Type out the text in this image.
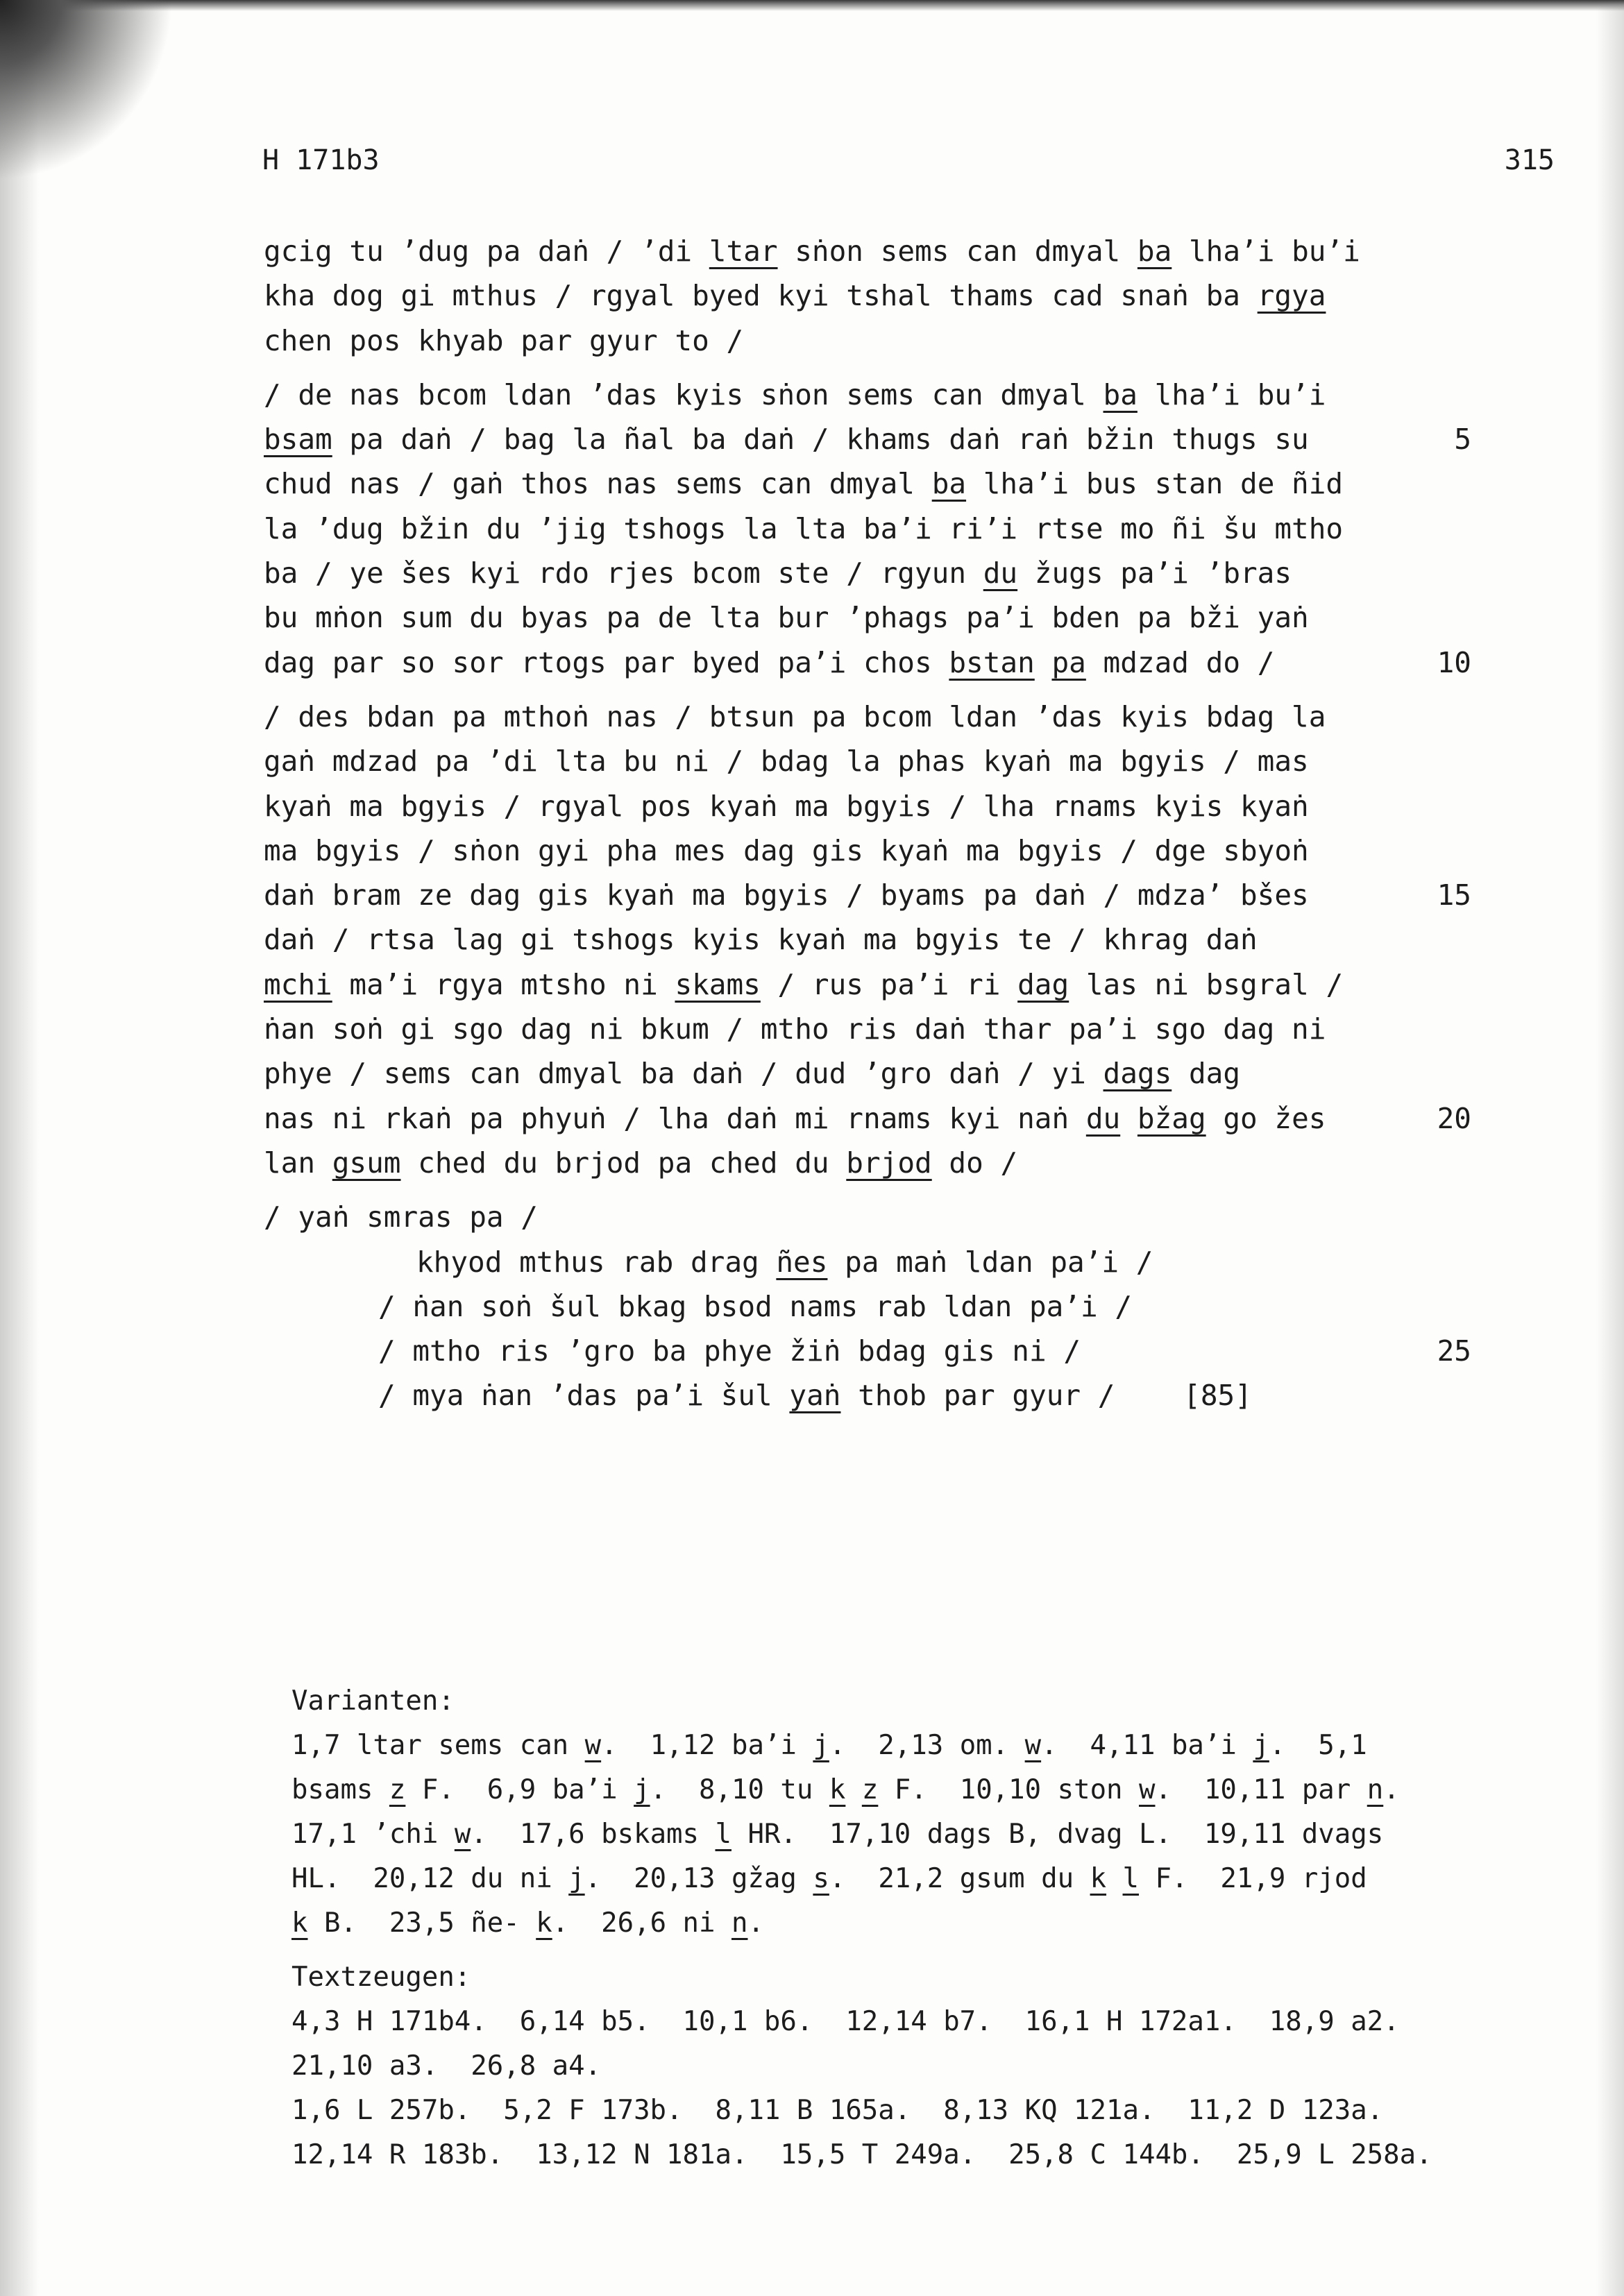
H 171b3	315
gcig tu ’dug pa daṅ / ’di ltar sṅon sems can dmyal ba lha’i bu’i
kha dog gi mthus / rgyal byed kyi tshal thams cad snaṅ ba rgya
chen pos khyab par gyur to /
/ de nas bcom ldan ’das kyis sṅon sems can dmyal ba lha’i bu’i
bsam pa daṅ / bag la ñal ba daṅ / khams daṅ raṅ bžin thugs su	5
chud nas / gaṅ thos nas sems can dmyal ba lha’i bus stan de ñid
la ’dug bžin du ’jig tshogs la lta ba’i ri’i rtse mo ñi šu mtho
ba / ye šes kyi rdo rjes bcom ste / rgyun du žugs pa’i ’bras
bu mṅon sum du byas pa de lta bur ’phags pa’i bden pa bži yaṅ
dag par so sor rtogs par byed pa’i chos bstan pa mdzad do /	10
/ des bdan pa mthoṅ nas / btsun pa bcom ldan ’das kyis bdag la
gaṅ mdzad pa ’di lta bu ni / bdag la phas kyaṅ ma bgyis / mas
kyaṅ ma bgyis / rgyal pos kyaṅ ma bgyis / lha rnams kyis kyaṅ
ma bgyis / sṅon gyi pha mes dag gis kyaṅ ma bgyis / dge sbyoṅ
daṅ bram ze dag gis kyaṅ ma bgyis / byams pa daṅ / mdza’ bšes	15
daṅ / rtsa lag gi tshogs kyis kyaṅ ma bgyis te / khrag daṅ
mchi ma’i rgya mtsho ni skams / rus pa’i ri dag las ni bsgral /
ṅan soṅ gi sgo dag ni bkum / mtho ris daṅ thar pa’i sgo dag ni
phye / sems can dmyal ba daṅ / dud ’gro daṅ / yi dags dag
nas ni rkaṅ pa phyuṅ / lha daṅ mi rnams kyi naṅ du bžag go žes	20
lan gsum ched du brjod pa ched du brjod do /
/ yaṅ smras pa /
khyod mthus rab drag ñes pa maṅ ldan pa’i /
/ ṅan soṅ šul bkag bsod nams rab ldan pa’i /
/ mtho ris ’gro ba phye žiṅ bdag gis ni /	25
/ mya ṅan ’das pa’i šul yaṅ thob par gyur /    [85]
Varianten:
1,7 ltar sems can w.  1,12 ba’i j.  2,13 om. w.  4,11 ba’i j.  5,1
bsams z F.  6,9 ba’i j.  8,10 tu k z F.  10,10 ston w.  10,11 par n.
17,1 ’chi w.  17,6 bskams l HR.  17,10 dags B, dvag L.  19,11 dvags
HL.  20,12 du ni j.  20,13 gžag s.  21,2 gsum du k l F.  21,9 rjod
k B.  23,5 ñe- k.  26,6 ni n.
Textzeugen:
4,3 H 171b4.  6,14 b5.  10,1 b6.  12,14 b7.  16,1 H 172a1.  18,9 a2.
21,10 a3.  26,8 a4.
1,6 L 257b.  5,2 F 173b.  8,11 B 165a.  8,13 KQ 121a.  11,2 D 123a.
12,14 R 183b.  13,12 N 181a.  15,5 T 249a.  25,8 C 144b.  25,9 L 258a.
